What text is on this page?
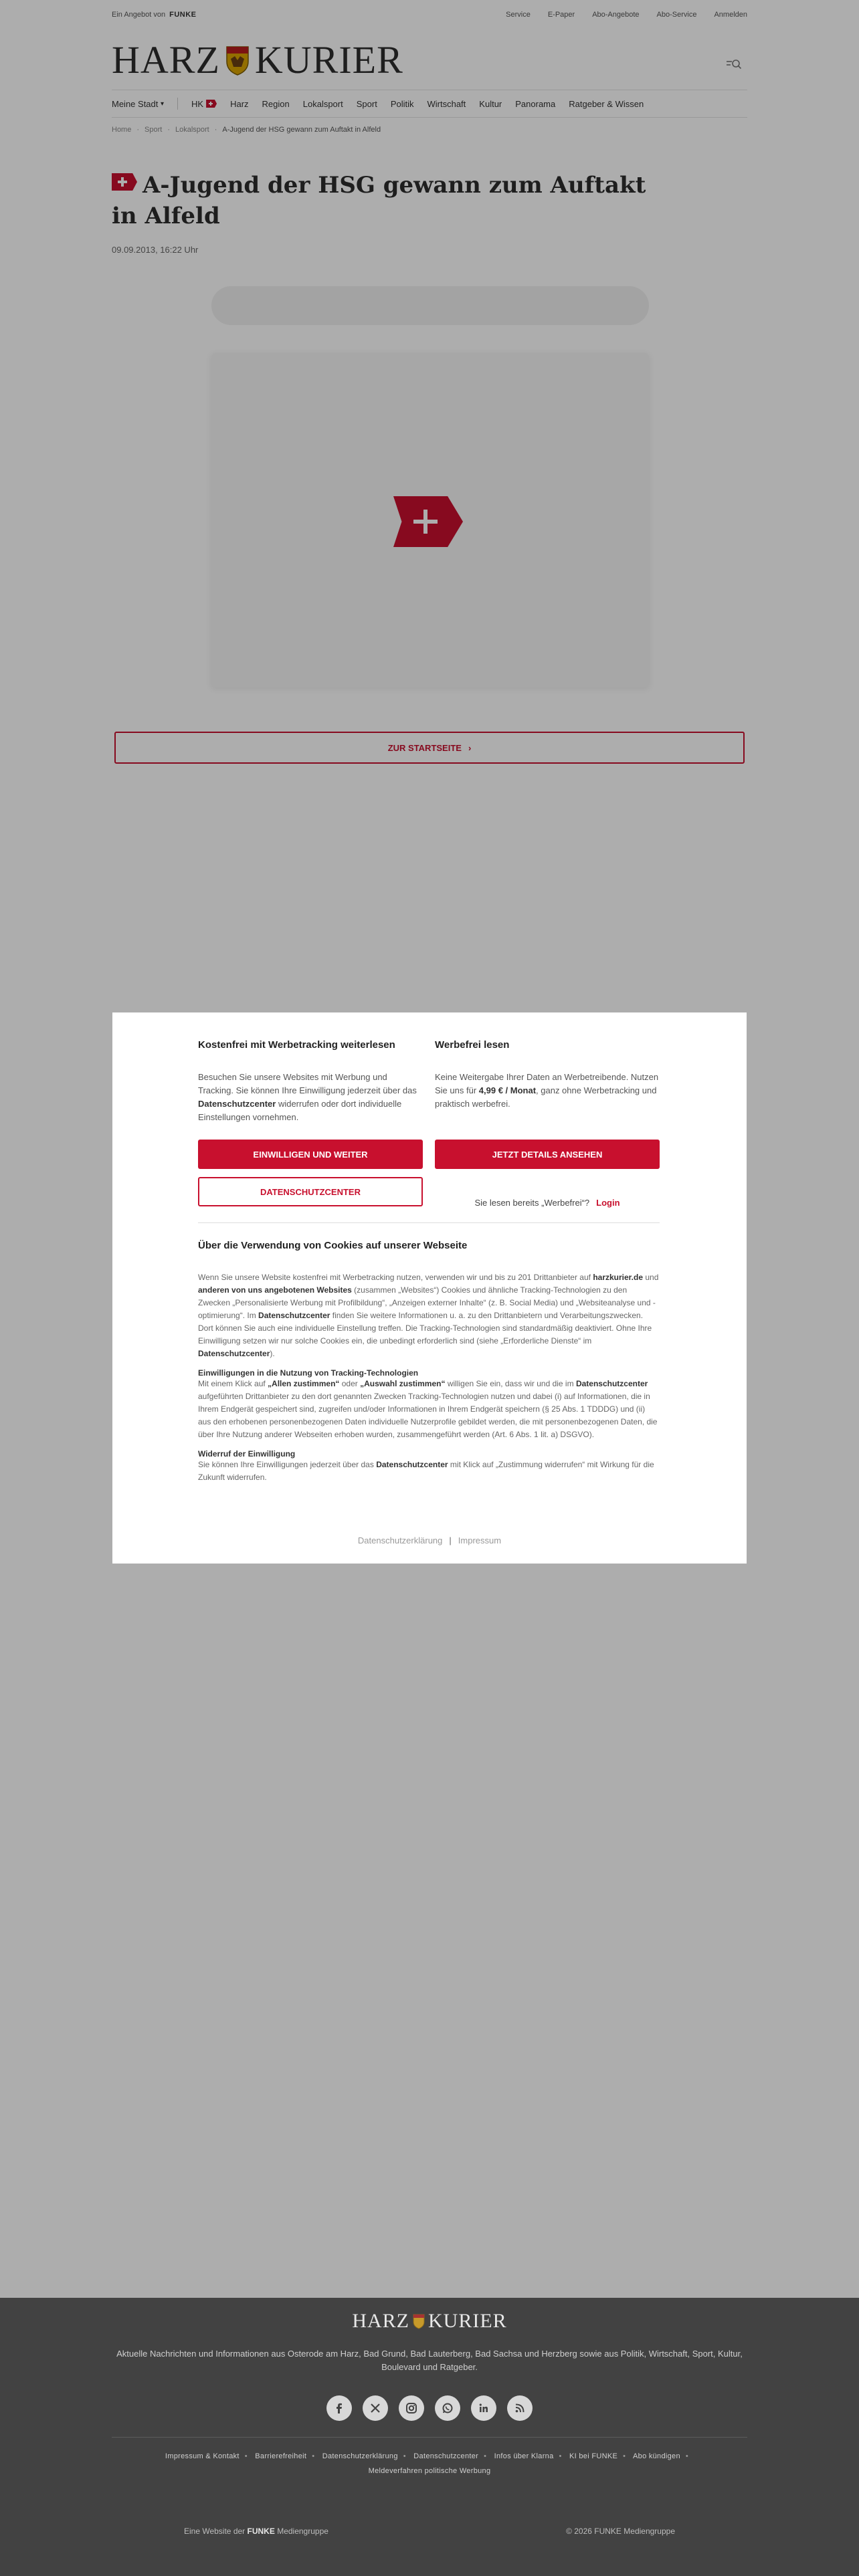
Ein Angebot von FUNKE	Service E-Paper Abo-Angebote Abo-Service Anmelden
HARZ KURIER
Meine Stadt
▾	HK	Harz Region Lokalsport Sport Politik Wirtschaft Kultur Panorama Ratgeber & Wissen
Home · Sport · Lokalsport · A-Jugend der HSG gewann zum Auftakt in Alfeld
A-Jugend der HSG gewann zum Auftakt in Alfeld
09.09.2013, 16:22 Uhr
ZUR STARTSEITE ›
Kostenfrei mit Werbetracking weiterlesen

Besuchen Sie unsere Websites mit Werbung und Tracking. Sie können Ihre Einwilligung jederzeit über das Datenschutzcenter widerrufen oder dort individuelle Einstellungen vornehmen.

Werbefrei lesen

Keine Weitergabe Ihrer Daten an Werbetreibende. Nutzen Sie uns für 4,99 € / Monat, ganz ohne Werbetracking und praktisch werbefrei.

EINWILLIGEN UND WEITER	JETZT DETAILS ANSEHEN
DATENSCHUTZCENTER
Sie lesen bereits „Werbefrei“? Login
Über die Verwendung von Cookies auf unserer Webseite

Wenn Sie unsere Website kostenfrei mit Werbetracking nutzen, verwenden wir und bis zu 201 Drittanbieter auf harzkurier.de und anderen von uns angebotenen Websites (zusammen „Websites“) Cookies und ähnliche Tracking-Technologien zu den Zwecken „Personalisierte Werbung mit Profilbildung“, „Anzeigen externer Inhalte“ (z. B. Social Media) und „Websiteanalyse und -optimierung“. Im Datenschutzcenter finden Sie weitere Informationen u. a. zu den Drittanbietern und Verarbeitungszwecken. Dort können Sie auch eine individuelle Einstellung treffen. Die Tracking-Technologien sind standardmäßig deaktiviert. Ohne Ihre Einwilligung setzen wir nur solche Cookies ein, die unbedingt erforderlich sind (siehe „Erforderliche Dienste“ im Datenschutzcenter).

Einwilligungen in die Nutzung von Tracking-Technologien

Mit einem Klick auf „Allen zustimmen“ oder „Auswahl zustimmen“ willigen Sie ein, dass wir und die im Datenschutzcenter aufgeführten Drittanbieter zu den dort genannten Zwecken Tracking-Technologien nutzen und dabei (i) auf Informationen, die in Ihrem Endgerät gespeichert sind, zugreifen und/oder Informationen in Ihrem Endgerät speichern (§ 25 Abs. 1 TDDDG) und (ii) aus den erhobenen personenbezogenen Daten individuelle Nutzerprofile gebildet werden, die mit personenbezogenen Daten, die über Ihre Nutzung anderer Webseiten erhoben wurden, zusammengeführt werden (Art. 6 Abs. 1 lit. a) DSGVO).

Widerruf der Einwilligung

Sie können Ihre Einwilligungen jederzeit über das Datenschutzcenter mit Klick auf „Zustimmung widerrufen“ mit Wirkung für die Zukunft widerrufen.

Datenschutzerklärung | Impressum
HARZ KURIER
Aktuelle Nachrichten und Informationen aus Osterode am Harz, Bad Grund, Bad Lauterberg, Bad Sachsa und Herzberg sowie aus Politik, Wirtschaft, Sport, Kultur, Boulevard und Ratgeber.
Impressum & Kontakt • Barrierefreiheit • Datenschutzerklärung • Datenschutzcenter • Infos über Klarna • KI bei FUNKE • Abo kündigen •
Meldeverfahren politische Werbung
Eine Website der FUNKE Mediengruppe	© 2026 FUNKE Mediengruppe
